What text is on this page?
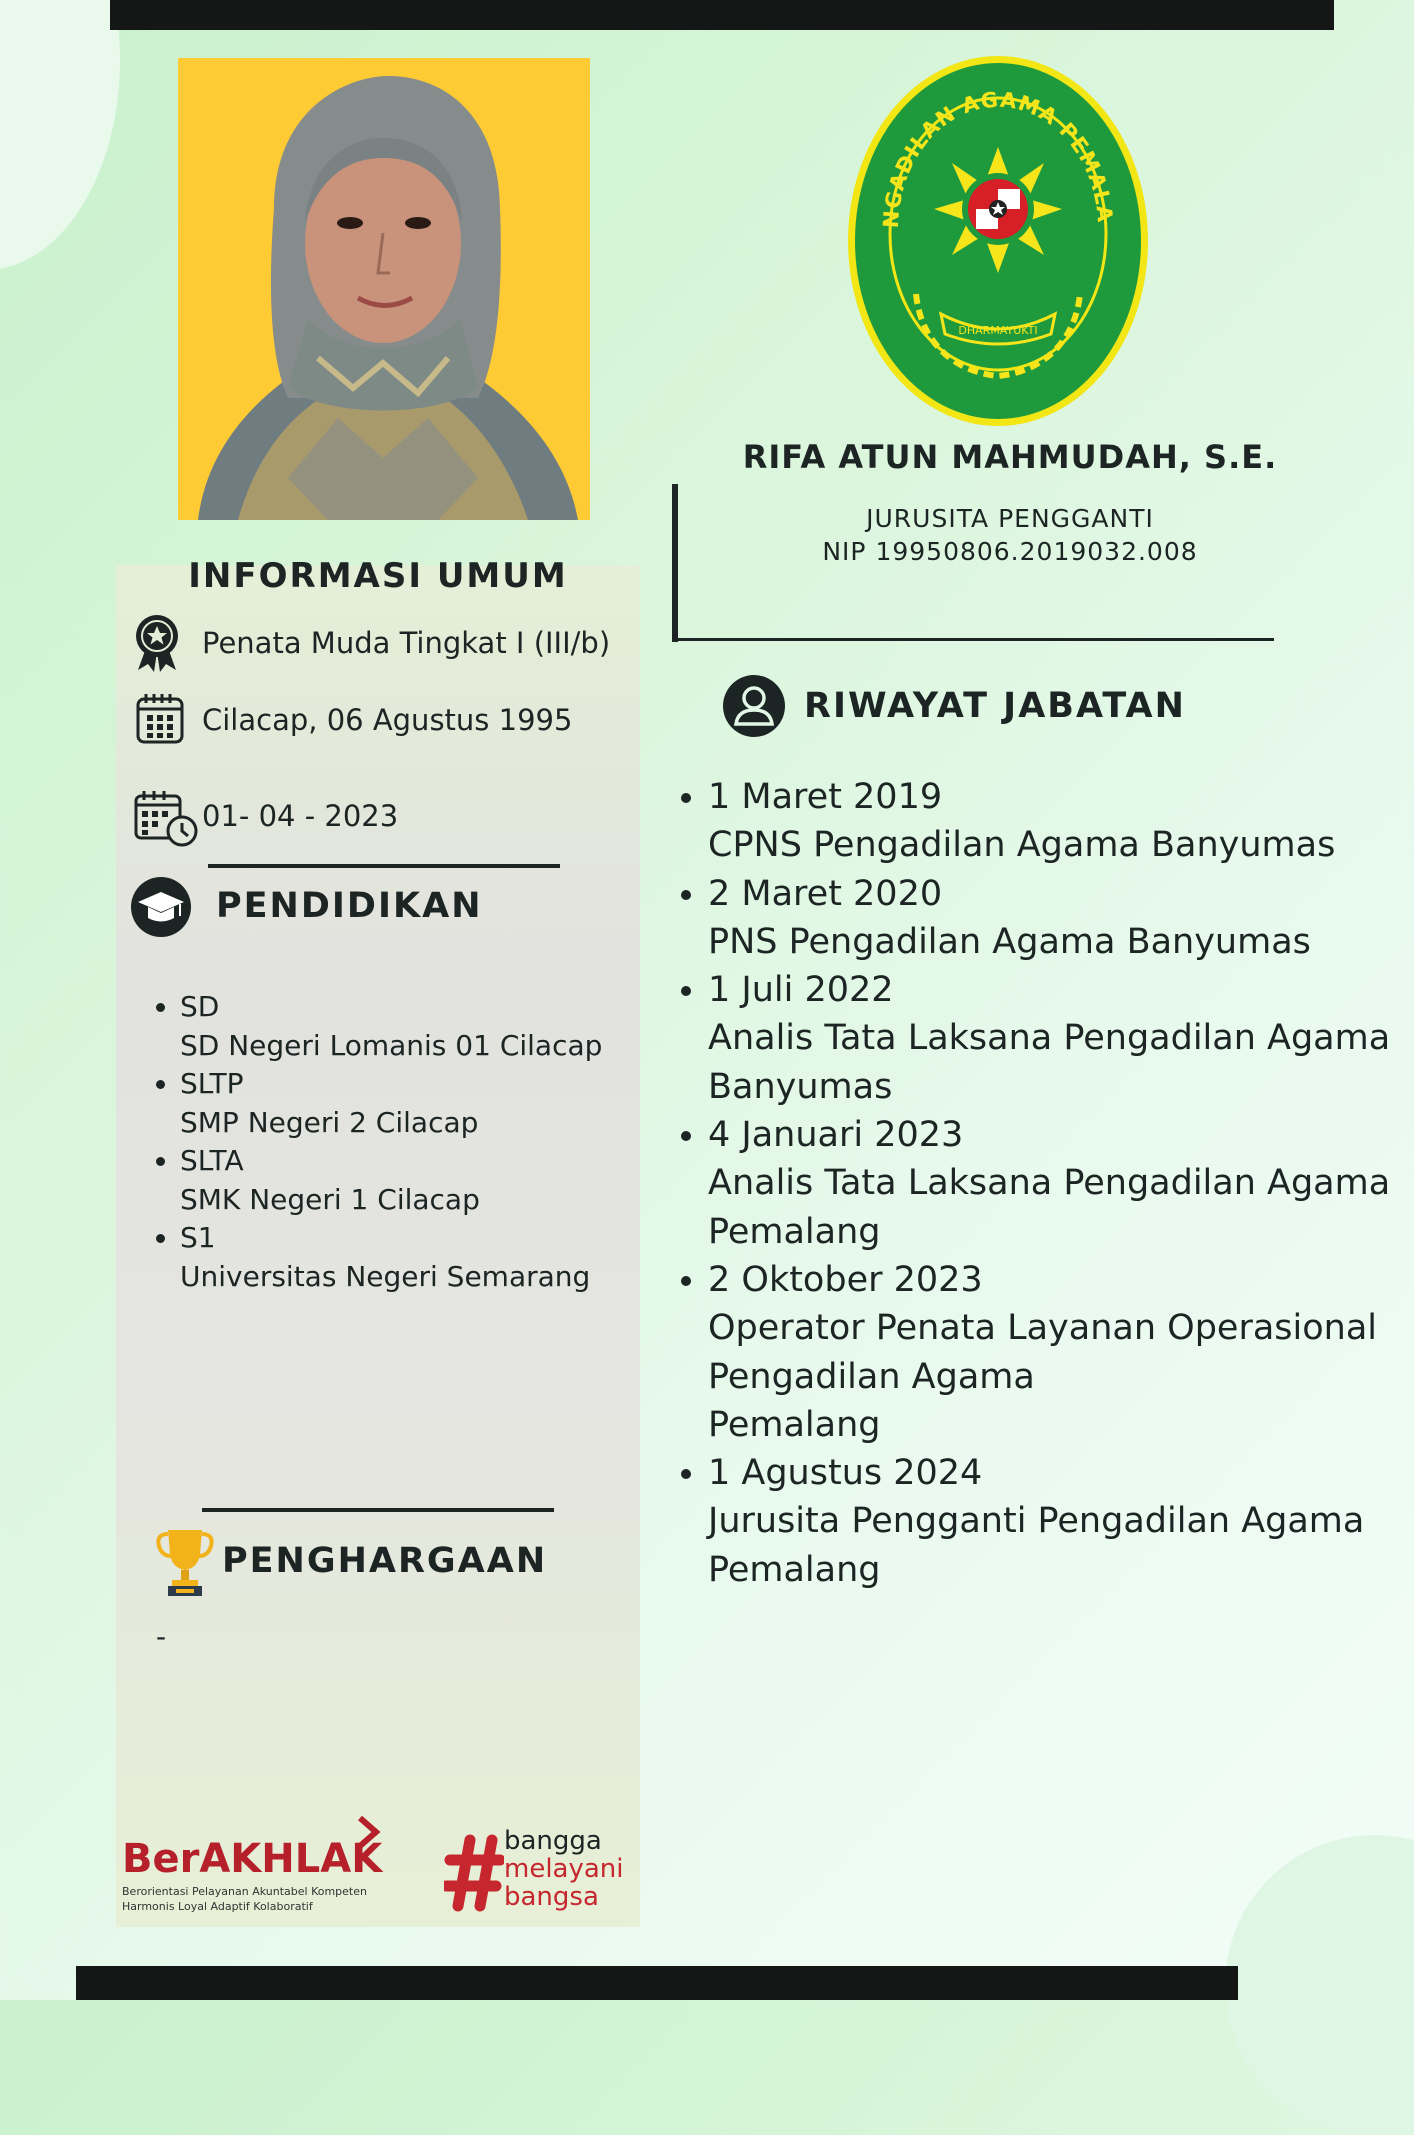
NGADILAN AGAMA PEMALA
DHARMAYUKTI
RIFA ATUN MAHMUDAH, S.E.
JURUSITA PENGGANTI
NIP 19950806.2019032.008
INFORMASI UMUM
Penata Muda Tingkat I (III/b)
Cilacap, 06 Agustus 1995
01- 04 - 2023
PENDIDIKAN
• SD
SD Negeri Lomanis 01 Cilacap
• SLTP
SMP Negeri 2 Cilacap
• SLTA
SMK Negeri 1 Cilacap
• S1
Universitas Negeri Semarang
PENGHARGAAN
-
BerAKHLAK
Berorientasi Pelayanan Akuntabel Kompeten
Harmonis Loyal Adaptif Kolaboratif
bangga
melayani
bangsa
RIWAYAT JABATAN
• 1 Maret 2019
CPNS Pengadilan Agama Banyumas
• 2 Maret 2020
PNS Pengadilan Agama Banyumas
• 1 Juli 2022
Analis Tata Laksana Pengadilan Agama
Banyumas
• 4 Januari 2023
Analis Tata Laksana Pengadilan Agama
Pemalang
• 2 Oktober 2023
Operator Penata Layanan Operasional
Pengadilan Agama
Pemalang
• 1 Agustus 2024
Jurusita Pengganti Pengadilan Agama
Pemalang
